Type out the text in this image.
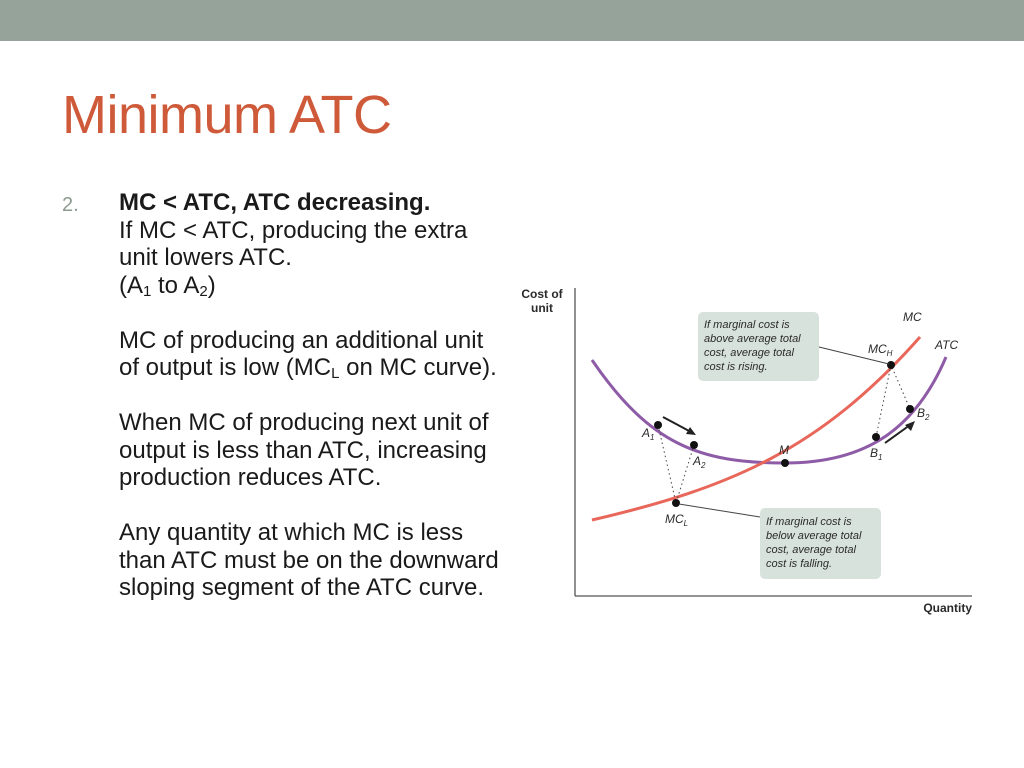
Minimum ATC
2. MC < ATC, ATC decreasing.
If MC < ATC, producing the extra unit lowers ATC.
($A_1$ to $A_2$)

MC of producing an additional unit of output is low ($MC_L$ on MC curve).

When MC of producing next unit of output is less than ATC, increasing production reduces ATC.

Any quantity at which MC is less than ATC must be on the downward sloping segment of the ATC curve.

Cost of
unit
Quantity
$A_1$
$A_2$
M	$B_1$
$B_2$
$MC_L$
$MC_H$
MC
ATC
If marginal cost is
above average total
cost, average total
cost is rising.
If marginal cost is
below average total
cost, average total
cost is falling.
